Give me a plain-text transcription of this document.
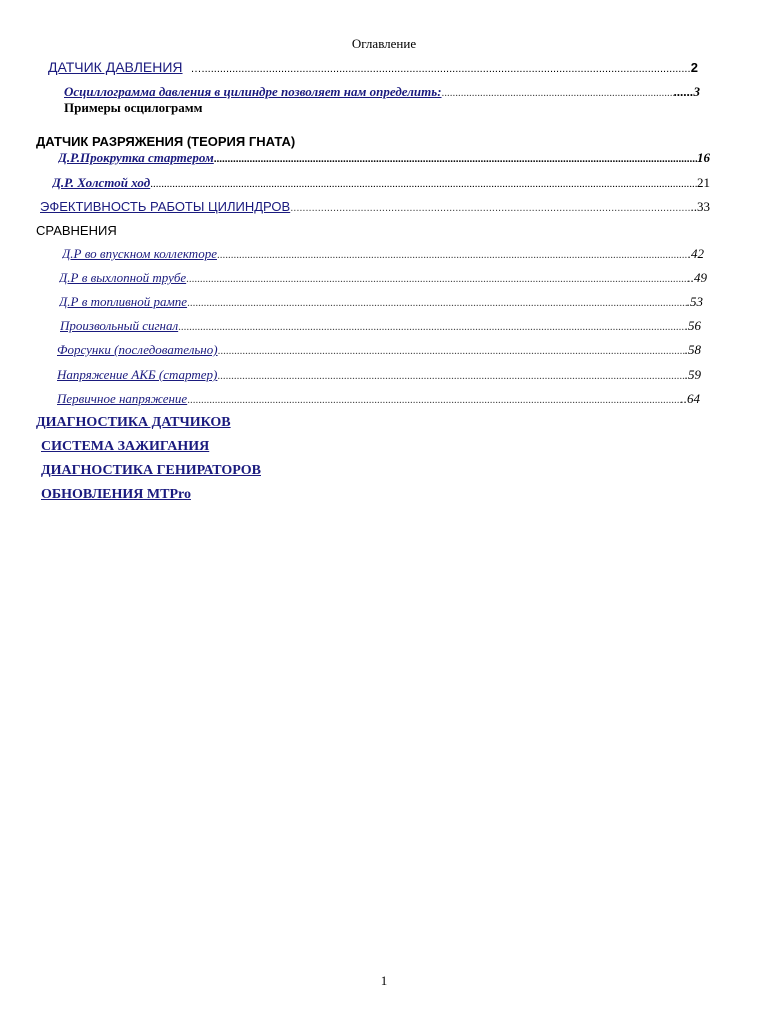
Оглавление
ДАТЧИК ДАВЛЕНИЯ ….. .....	2
Осциллограмма давления в цилиндре позволяет нам определить: .....	......3
Примеры осцилограмм
ДАТЧИК РАЗРЯЖЕНИЯ (ТЕОРИЯ ГНАТА)
Д.Р.Прокрутка стартером .....	16
Д.Р. Холстой ход .....	21
ЭФЕКТИВНОСТЬ РАБОТЫ ЦИЛИНДРОВ .....	..33
СРАВНЕНИЯ
Д.Р во впускном коллекторе .....	.42
Д.Р в выхлопной трубе .....	..49
Д.Р в топливной рампе .....	.53
Произвольный сигнал .....	.56
Форсунки (последовательно) .....	.58
Напряжение АКБ (стартер) .....	.59
Первичное напряжение .....	..64
ДИАГНОСТИКА ДАТЧИКОВ
СИСТЕМА ЗАЖИГАНИЯ
ДИАГНОСТИКА ГЕНИРАТОРОВ
ОБНОВЛЕНИЯ MTPro
1
